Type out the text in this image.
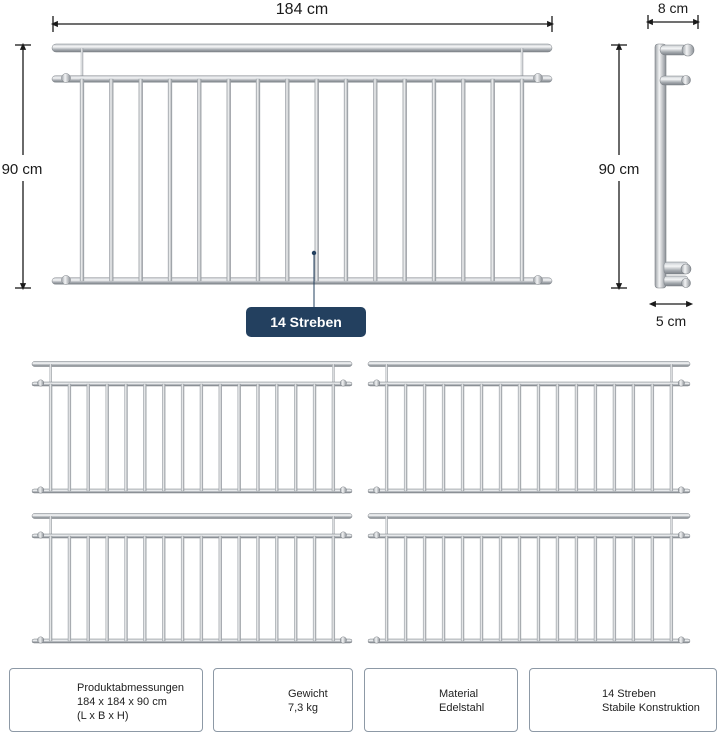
184 cm
90 cm
8 cm
90 cm
5 cm
14 Streben
Produktabmessungen
184 x 184 x 90 cm
(L x B x H)
Gewicht
7,3 kg
Material
Edelstahl
14 Streben
Stabile Konstruktion
